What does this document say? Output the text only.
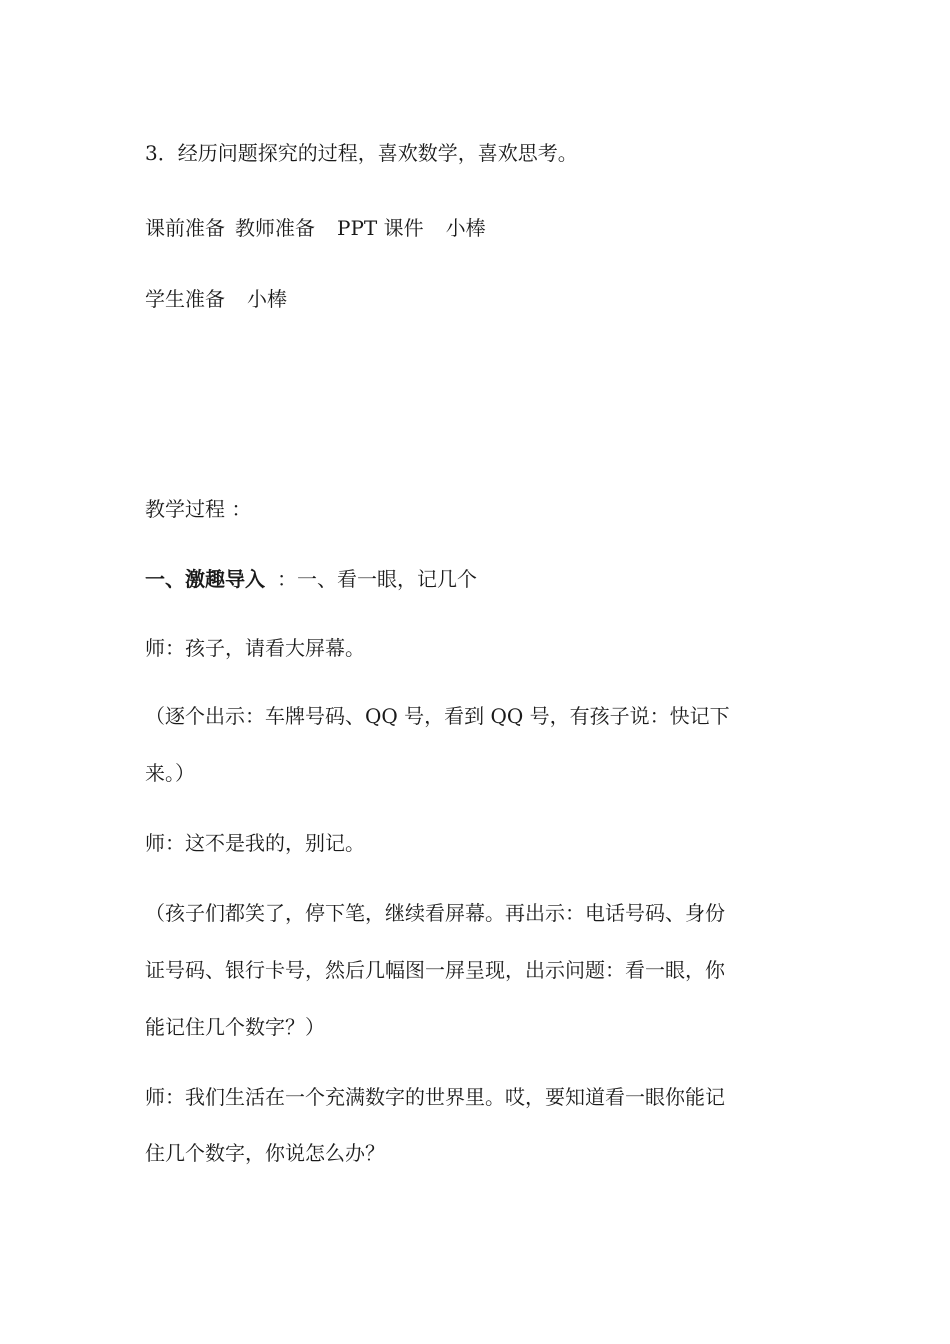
3．经历问题探究的过程，喜欢数学，喜欢思考。
课前准备 教师准备 PPT 课件 小棒
学生准备 小棒
教学过程 ：
一、激趣导入 ：一、看一眼，记几个
师：孩子，请看大屏幕。
（逐个出示：车牌号码、QQ 号，看到 QQ 号，有孩子说：快记下
来。）
师：这不是我的，别记。
（孩子们都笑了，停下笔，继续看屏幕。再出示：电话号码、身份
证号码、银行卡号，然后几幅图一屏呈现，出示问题：看一眼，你
能记住几个数字？）
师：我们生活在一个充满数字的世界里。哎，要知道看一眼你能记
住几个数字，你说怎么办？
